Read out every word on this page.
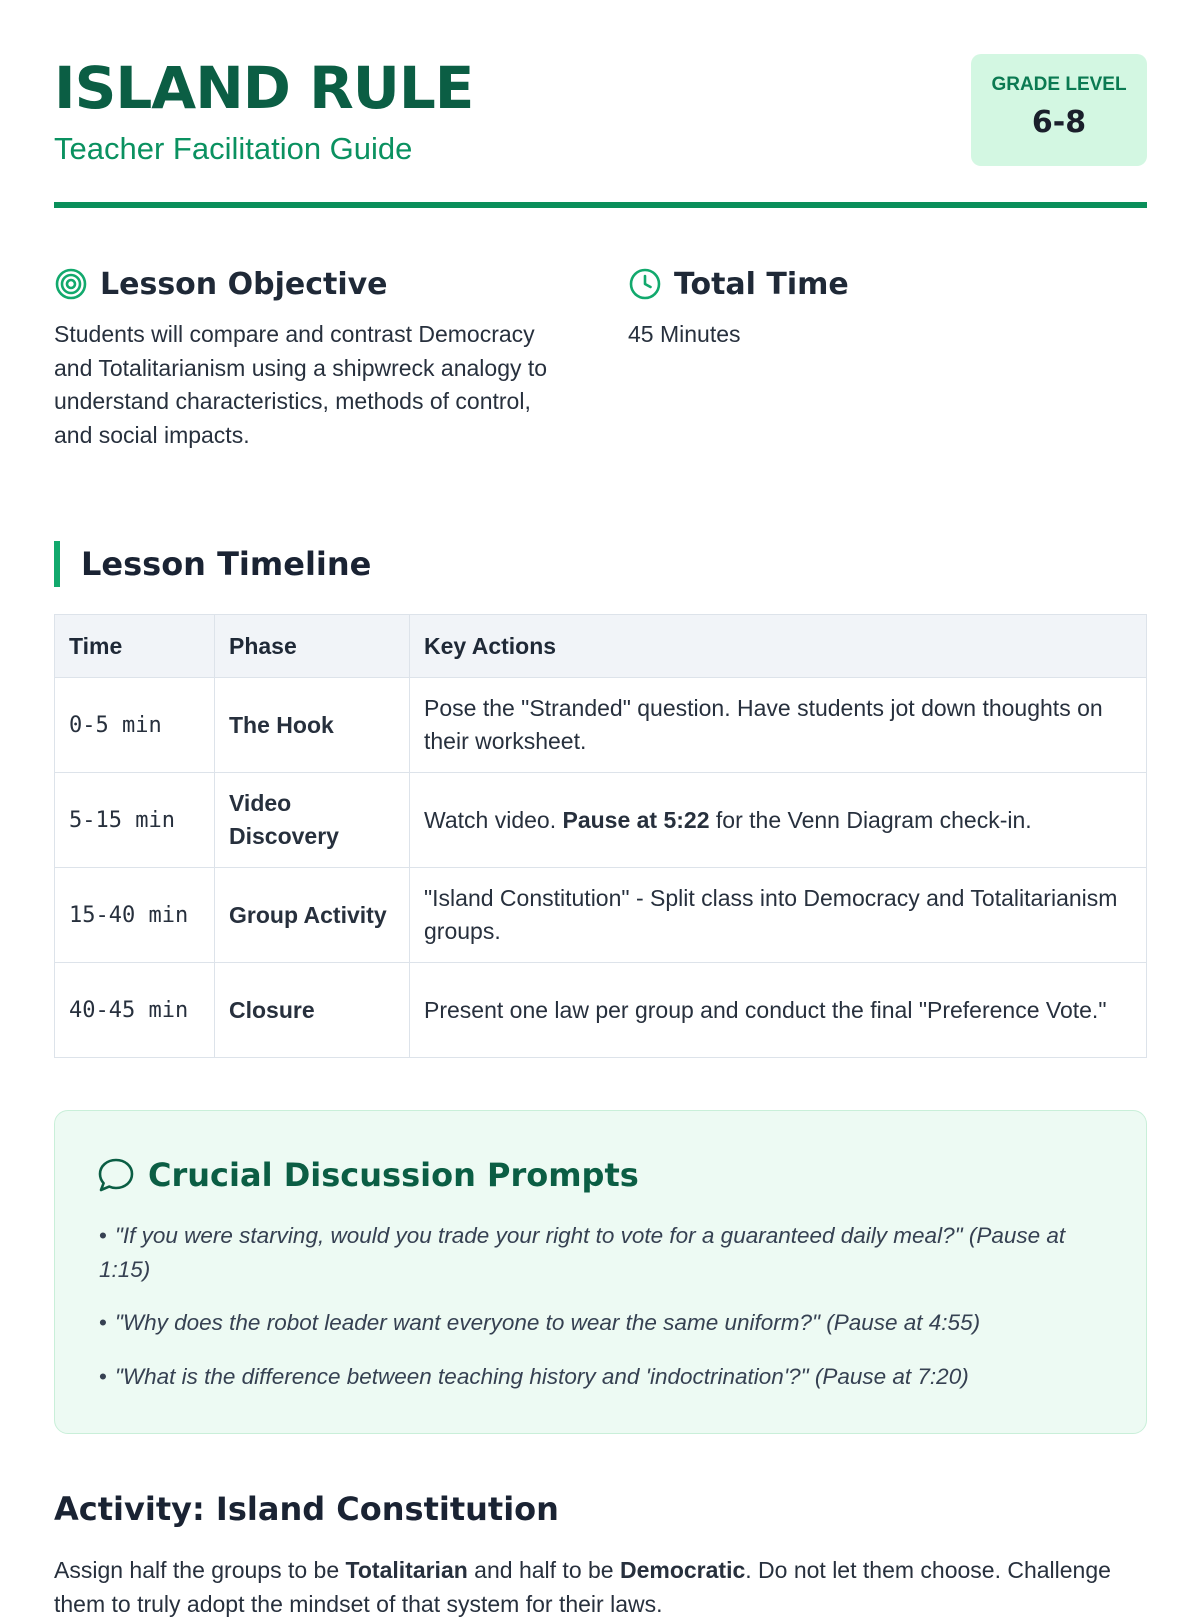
ISLAND RULE
Teacher Facilitation Guide
GRADE LEVEL
6-8
Lesson Objective

Students will compare and contrast Democracy and Totalitarianism using a shipwreck analogy to understand characteristics, methods of control, and social impacts.

Total Time

45 Minutes

Lesson Timeline
Time	Phase	Key Actions
0-5 min	The Hook	Pose the "Stranded" question. Have students jot down thoughts on their worksheet.
5-15 min	Video Discovery	Watch video. Pause at 5:22 for the Venn Diagram check-in.
15-40 min	Group Activity	"Island Constitution" - Split class into Democracy and Totalitarianism groups.
40-45 min	Closure	Present one law per group and conduct the final "Preference Vote."
Crucial Discussion Prompts
• "If you were starving, would you trade your right to vote for a guaranteed daily meal?" (Pause at 1:15)
• "Why does the robot leader want everyone to wear the same uniform?" (Pause at 4:55)
• "What is the difference between teaching history and 'indoctrination'?" (Pause at 7:20)
Activity: Island Constitution

Assign half the groups to be Totalitarian and half to be Democratic. Do not let them choose. Challenge them to truly adopt the mindset of that system for their laws.
